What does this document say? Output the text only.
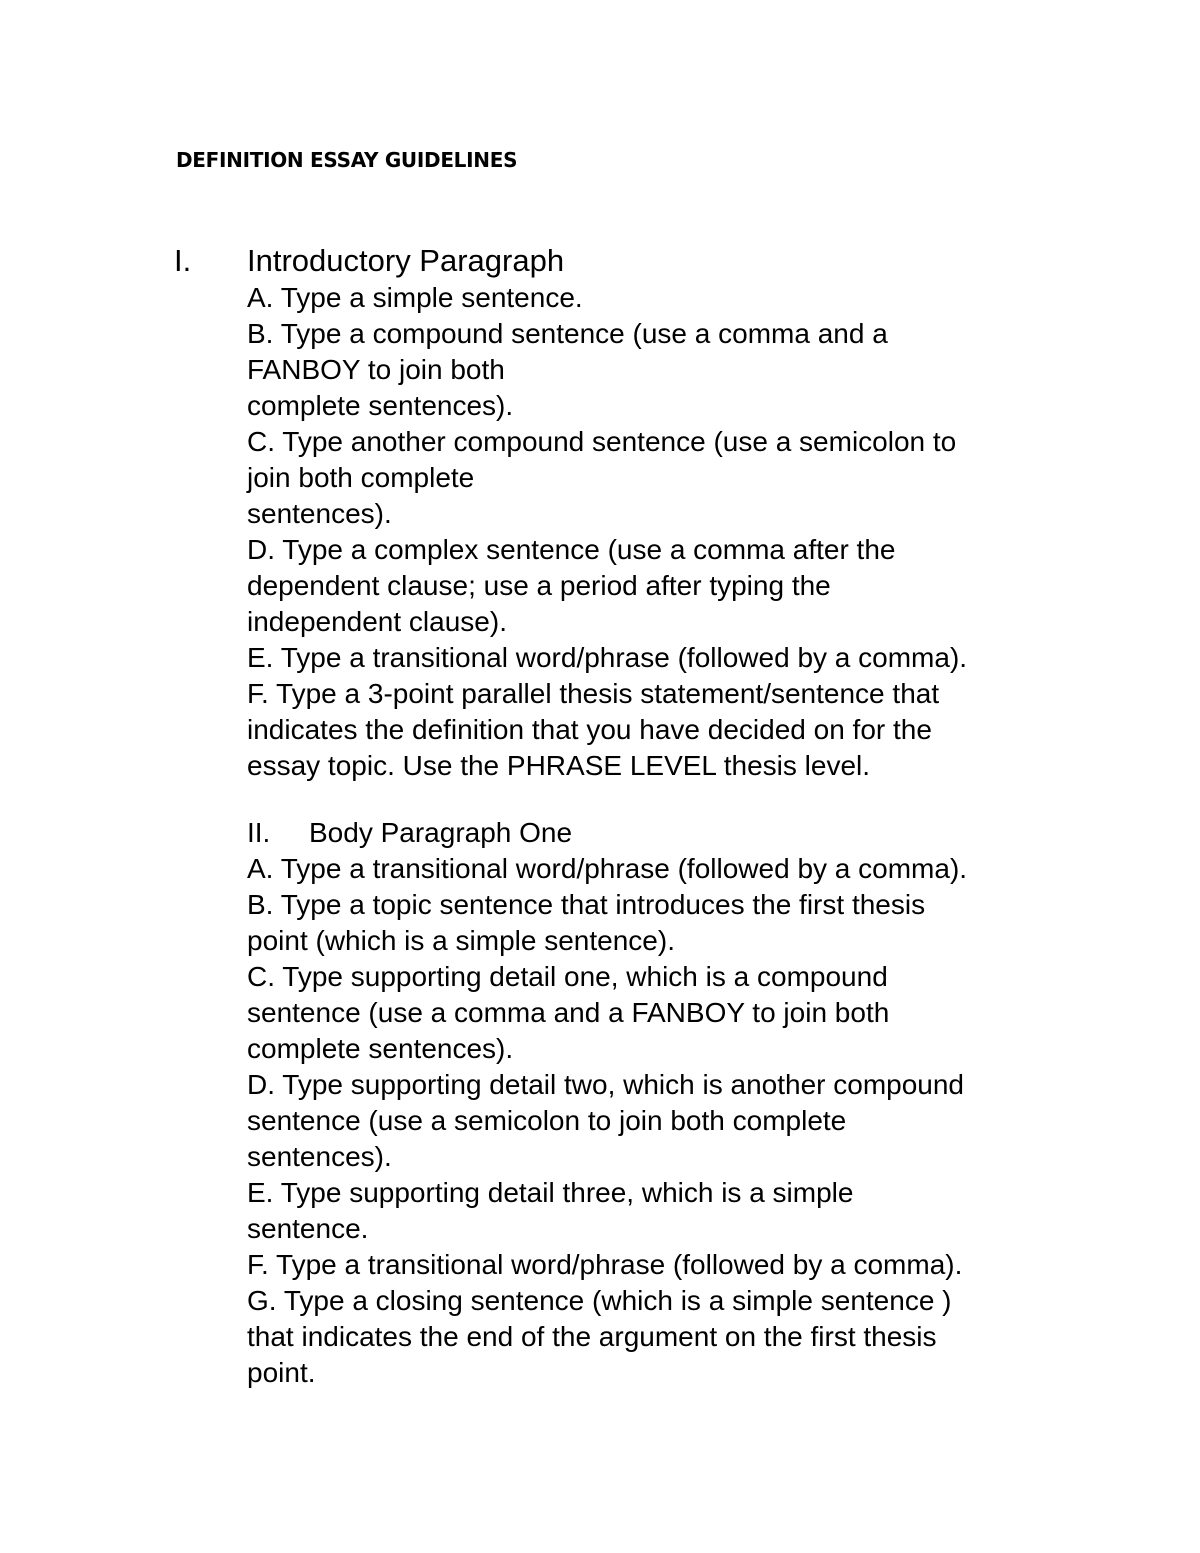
DEFINITION ESSAY GUIDELINES
I. Introductory Paragraph
A. Type a simple sentence.
B. Type a compound sentence (use a comma and a
FANBOY to join both
complete sentences).
C. Type another compound sentence (use a semicolon to
join both complete
sentences).
D. Type a complex sentence (use a comma after the
dependent clause; use a period after typing the
independent clause).
E. Type a transitional word/phrase (followed by a comma).
F. Type a 3-point parallel thesis statement/sentence that
indicates the definition that you have decided on for the
essay topic. Use the PHRASE LEVEL thesis level.
II. Body Paragraph One
A. Type a transitional word/phrase (followed by a comma).
B. Type a topic sentence that introduces the first thesis
point (which is a simple sentence).
C. Type supporting detail one, which is a compound
sentence (use a comma and a FANBOY to join both
complete sentences).
D. Type supporting detail two, which is another compound
sentence (use a semicolon to join both complete
sentences).
E. Type supporting detail three, which is a simple
sentence.
F. Type a transitional word/phrase (followed by a comma).
G. Type a closing sentence (which is a simple sentence )
that indicates the end of the argument on the first thesis
point.
